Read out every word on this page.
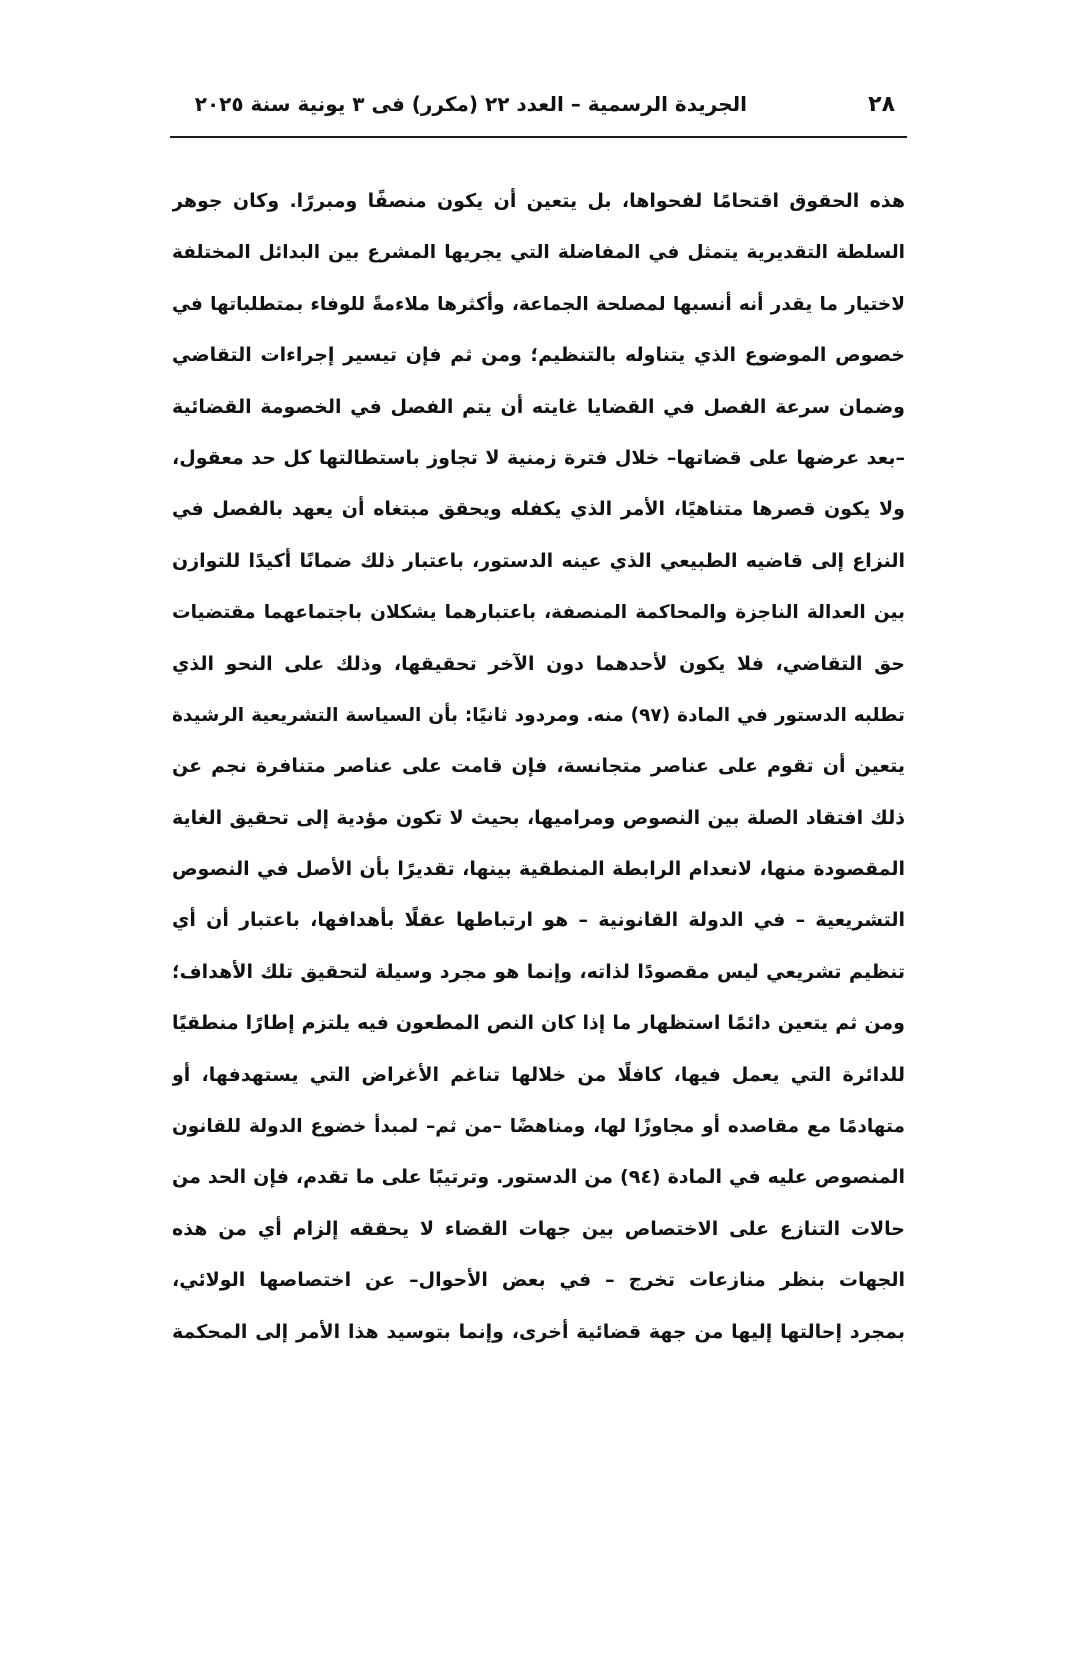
٢٨
الجريدة الرسمية – العدد ٢٢ (مكرر) فى ٣ يونية سنة ٢٠٢٥
هذه الحقوق اقتحامًا لفحواها، بل يتعين أن يكون منصفًا ومبررًا. وكان جوهر
السلطة التقديرية يتمثل في المفاضلة التي يجريها المشرع بين البدائل المختلفة
لاختيار ما يقدر أنه أنسبها لمصلحة الجماعة، وأكثرها ملاءمةً للوفاء بمتطلباتها في
خصوص الموضوع الذي يتناوله بالتنظيم؛ ومن ثم فإن تيسير إجراءات التقاضي
وضمان سرعة الفصل في القضايا غايته أن يتم الفصل في الخصومة القضائية
–بعد عرضها على قضاتها– خلال فترة زمنية لا تجاوز باستطالتها كل حد معقول،
ولا يكون قصرها متناهيًا، الأمر الذي يكفله ويحقق مبتغاه أن يعهد بالفصل في
النزاع إلى قاضيه الطبيعي الذي عينه الدستور، باعتبار ذلك ضمانًا أكيدًا للتوازن
بين العدالة الناجزة والمحاكمة المنصفة، باعتبارهما يشكلان باجتماعهما مقتضيات
حق التقاضي، فلا يكون لأحدهما دون الآخر تحقيقها، وذلك على النحو الذي
تطلبه الدستور في المادة (٩٧) منه. ومردود ثانيًا: بأن السياسة التشريعية الرشيدة
يتعين أن تقوم على عناصر متجانسة، فإن قامت على عناصر متنافرة نجم عن
ذلك افتقاد الصلة بين النصوص ومراميها، بحيث لا تكون مؤدية إلى تحقيق الغاية
المقصودة منها، لانعدام الرابطة المنطقية بينها، تقديرًا بأن الأصل في النصوص
التشريعية – في الدولة القانونية – هو ارتباطها عقلًا بأهدافها، باعتبار أن أي
تنظيم تشريعي ليس مقصودًا لذاته، وإنما هو مجرد وسيلة لتحقيق تلك الأهداف؛
ومن ثم يتعين دائمًا استظهار ما إذا كان النص المطعون فيه يلتزم إطارًا منطقيًا
للدائرة التي يعمل فيها، كافلًا من خلالها تناغم الأغراض التي يستهدفها، أو
متهادمًا مع مقاصده أو مجاوزًا لها، ومناهضًا –من ثم– لمبدأ خضوع الدولة للقانون
المنصوص عليه في المادة (٩٤) من الدستور. وترتيبًا على ما تقدم، فإن الحد من
حالات التنازع على الاختصاص بين جهات القضاء لا يحققه إلزام أي من هذه
الجهات بنظر منازعات تخرج – في بعض الأحوال– عن اختصاصها الولائي،
بمجرد إحالتها إليها من جهة قضائية أخرى، وإنما بتوسيد هذا الأمر إلى المحكمة
